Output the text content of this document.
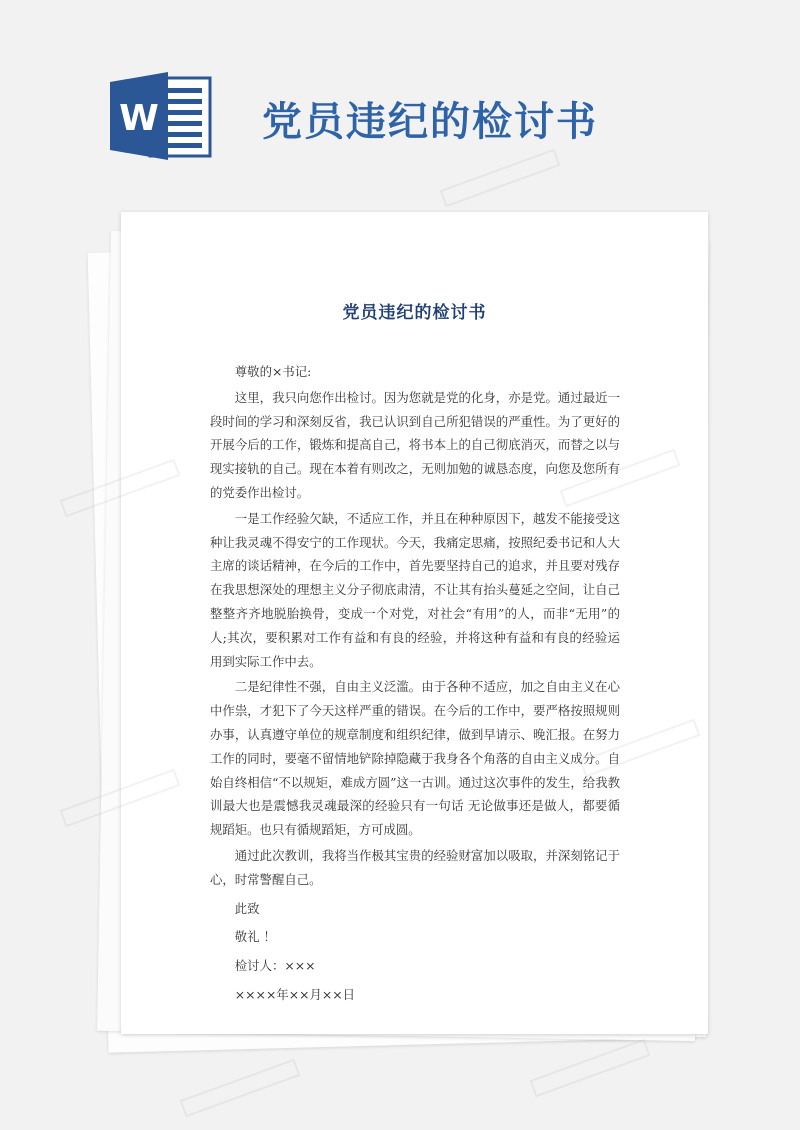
W	党员违纪的检讨书
党员违纪的检讨书

尊敬的×书记:

这里，我只向您作出检讨。因为您就是党的化身，亦是党。通过最近一段时间的学习和深刻反省，我已认识到自己所犯错误的严重性。为了更好的开展今后的工作，锻炼和提高自己，将书本上的自己彻底消灭，而替之以与现实接轨的自己。现在本着有则改之，无则加勉的诚恳态度，向您及您所有的党委作出检讨。

一是工作经验欠缺，不适应工作，并且在种种原因下，越发不能接受这种让我灵魂不得安宁的工作现状。今天，我痛定思痛，按照纪委书记和人大主席的谈话精神，在今后的工作中，首先要坚持自己的追求，并且要对残存在我思想深处的理想主义分子彻底肃清，不让其有抬头蔓延之空间，让自己整整齐齐地脱胎换骨，变成一个对党，对社会“有用”的人，而非“无用”的人;其次，要积累对工作有益和有良的经验，并将这种有益和有良的经验运用到实际工作中去。

二是纪律性不强，自由主义泛滥。由于各种不适应，加之自由主义在心中作祟，才犯下了今天这样严重的错误。在今后的工作中，要严格按照规则办事，认真遵守单位的规章制度和组织纪律，做到早请示、晚汇报。在努力工作的同时，要毫不留情地铲除掉隐藏于我身各个角落的自由主义成分。自始自终相信“不以规矩，难成方圆”这一古训。通过这次事件的发生，给我教训最大也是震憾我灵魂最深的经验只有一句话 无论做事还是做人，都要循规蹈矩。也只有循规蹈矩，方可成圆。

通过此次教训，我将当作极其宝贵的经验财富加以吸取，并深刻铭记于心，时常警醒自己。

此致

敬礼 ！

检讨人：×××

××××年××月××日
